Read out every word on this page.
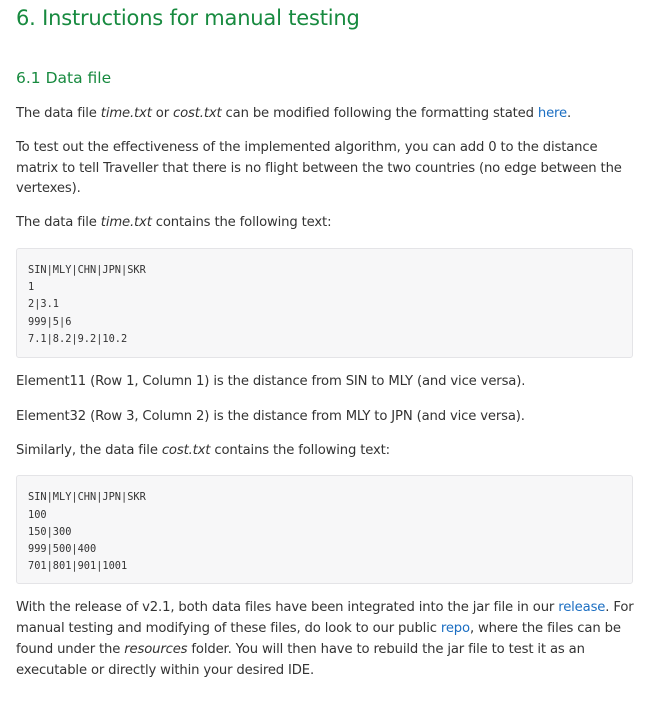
6. Instructions for manual testing
6.1 Data file

The data file time.txt or cost.txt can be modified following the formatting stated here.

To test out the effectiveness of the implemented algorithm, you can add 0 to the distance matrix to tell Traveller that there is no flight between the two countries (no edge between the vertexes).

The data file time.txt contains the following text:

SIN|MLY|CHN|JPN|SKR
1
2|3.1
999|5|6
7.1|8.2|9.2|10.2

Element11 (Row 1, Column 1) is the distance from SIN to MLY (and vice versa).

Element32 (Row 3, Column 2) is the distance from MLY to JPN (and vice versa).

Similarly, the data file cost.txt contains the following text:

SIN|MLY|CHN|JPN|SKR
100
150|300
999|500|400
701|801|901|1001

With the release of v2.1, both data files have been integrated into the jar file in our release. For manual testing and modifying of these files, do look to our public repo, where the files can be found under the resources folder. You will then have to rebuild the jar file to test it as an executable or directly within your desired IDE.
